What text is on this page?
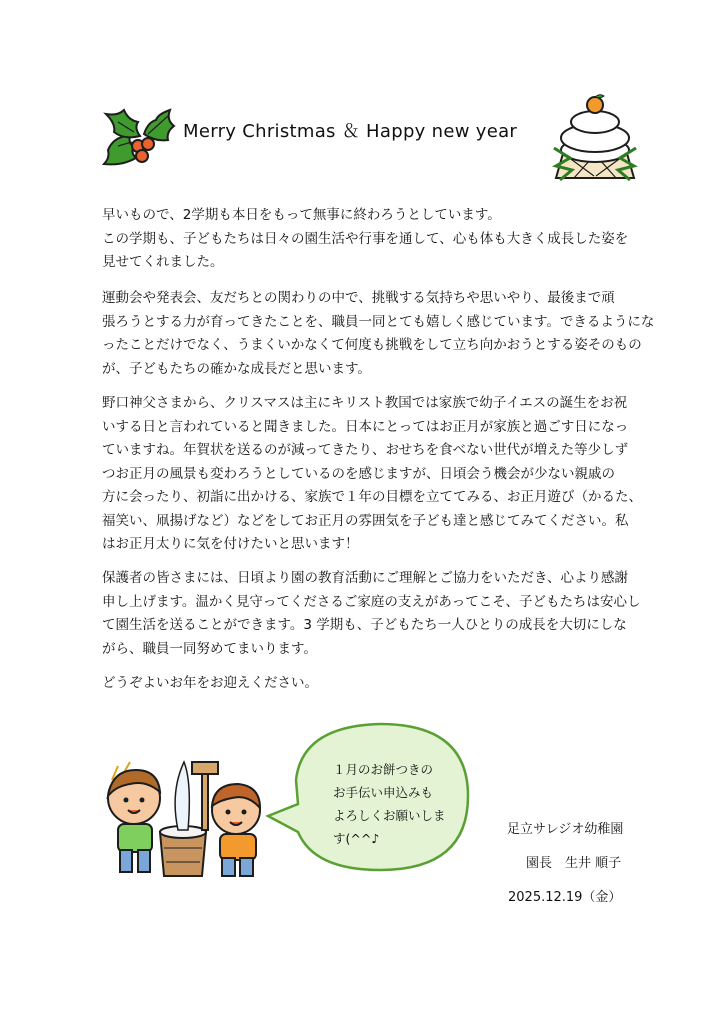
Merry Christmas ＆ Happy new year
早いもので、2学期も本日をもって無事に終わろうとしています。
この学期も、子どもたちは日々の園生活や行事を通して、心も体も大きく成長した姿を
見せてくれました。
運動会や発表会、友だちとの関わりの中で、挑戦する気持ちや思いやり、最後まで頑
張ろうとする力が育ってきたことを、職員一同とても嬉しく感じています。できるようにな
ったことだけでなく、うまくいかなくて何度も挑戦をして立ち向かおうとする姿そのもの
が、子どもたちの確かな成長だと思います。
野口神父さまから、クリスマスは主にキリスト教国では家族で幼子イエスの誕生をお祝
いする日と言われていると聞きました。日本にとってはお正月が家族と過ごす日になっ
ていますね。年賀状を送るのが減ってきたり、おせちを食べない世代が増えた等少しず
つお正月の風景も変わろうとしているのを感じますが、日頃会う機会が少ない親戚の
方に会ったり、初詣に出かける、家族で１年の目標を立ててみる、お正月遊び（かるた、
福笑い、凧揚げなど）などをしてお正月の雰囲気を子ども達と感じてみてください。私
はお正月太りに気を付けたいと思います！
保護者の皆さまには、日頃より園の教育活動にご理解とご協力をいただき、心より感謝
申し上げます。温かく見守ってくださるご家庭の支えがあってこそ、子どもたちは安心し
て園生活を送ることができます。3 学期も、子どもたち一人ひとりの成長を大切にしな
がら、職員一同努めてまいります。
どうぞよいお年をお迎えください。
１月のお餅つきの
お手伝い申込みも
よろしくお願いしま
す(^^♪
足立サレジオ幼稚園
園長　生井 順子
2025.12.19（金）
